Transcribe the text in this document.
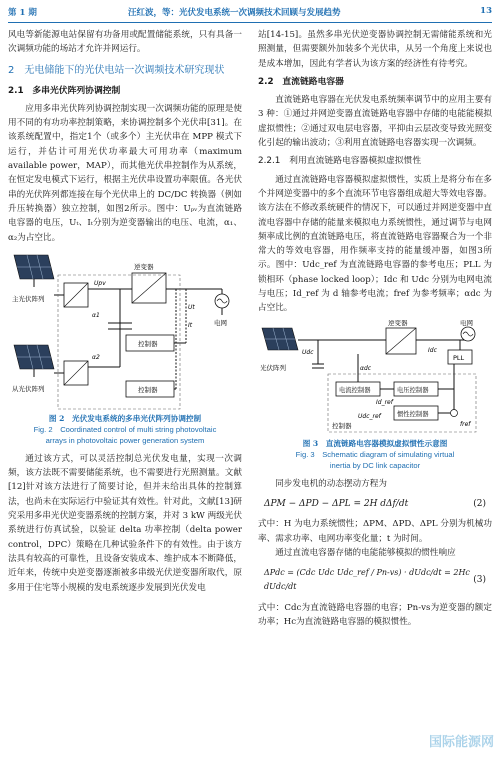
第 1 期	汪红波，等：光伏发电系统一次调频技术回顾与发展趋势	13

风电等新能源电站保留有功备用或配置储能系统，只有具备一次调频功能的场站才允许并网运行。

2　无电储能下的光伏电站一次调频技术研究现状
2.1　多串光伏阵列协调控制

应用多串光伏阵列协调控制实现一次调频功能的原理是使用不同的有功功率控制策略，来协调控制多个光伏串[31]。在该系统配置中，指定1个（或多个）主光伏串在 MPP 模式下运行，并估计可用光伏功率最大可用功率（maximum available power，MAP），而其他光伏串控制作为从系统，在恒定发电模式下运行，根据主光伏串设置功率限值。各光伏串的光伏阵列都连接在每个光伏串上的 DC/DC 转换器（例如升压转换器）独立控制，如图2所示。图中：Uₚᵥ为直流链路电容器的电压，Uₜ、Iₜ分别为逆变器输出的电压、电流，α₁、α₂为占空比。

主光伏阵列
从光伏阵列
Upv
α1
α2
逆变器
控制器
控制器
Ut
It	电网

图 2　光伏发电系统的多串光伏阵列协调控制

Fig. 2　Coordinated control of multi string photovoltaic

arrays in photovoltaic power generation system

通过该方式，可以灵活控制总光伏发电量，实现一次调频，该方法既不需要储能系统，也不需要进行光照测量。文献[12]针对该方法进行了简要讨论，但并未给出具体的控制算法，也尚未在实际运行中验证其有效性。针对此，文献[13]研究采用多串光伏逆变器系统的控制方案，并对 3 kW 两级光伏系统进行仿真试验，以验证 delta 功率控制（delta power control，DPC）策略在几种试验条件下的有效性。由于该方法具有较高的可靠性，且设备安装成本、维护成本不断降低，近年来，传统中央逆变器逐渐被多串级光伏逆变器所取代，原多用于住宅等小规模的发电系统逐步发展到光伏发电

站[14-15]。虽然多串光伏逆变器协调控制无需储能系统和光照测量，但需要额外加装多个光伏串，从另一个角度上来说也是成本增加，因此有学者认为该方案的经济性有待考究。

2.2　直流链路电容器

直流链路电容器在光伏发电系统频率调节中的应用主要有 3 种：①通过并网逆变器直流链路电容器中存储的电能能模拟虚拟惯性；②通过双电层电容器，平抑由云层改变导致光照变化引起的输出波动；③利用直流链路电容器实现一次调频。

2.2.1　利用直流链路电容器模拟虚拟惯性

通过直流链路电容器模拟虚拟惯性，实质上是将分布在多个并网逆变器中的多个直流环节电容器组成超大等效电容器。该方法在不修改系统硬件的情况下，可以通过并网逆变器中直流电容器中存储的能量来模拟电力系统惯性，通过调节与电网频率成比例的直流链路电压，将直流链路电容器聚合为一个非常大的等效电容器，用作频率支持的能量缓冲器，如图3所示。图中：Udc_ref 为直流链路电容器的参考电压；PLL 为锁相环（phase locked loop）；Idc 和 Udc 分别为电网电流与电压；Id_ref 为 d 轴参考电流；fref 为参考频率；αdc 为占空比。

光伏阵列
Udc
逆变器	电网
PLL
Idc
控制器
电流控制器	电压控制器
惯性控制器
αdc
Id_ref
Udc_ref
fref

图 3　直流链路电容器模拟虚拟惯性示意图

Fig. 3　Schematic diagram of simulating virtual

inertia by DC link capacitor

同步发电机的动态摆动方程为

ΔPM − ΔPD − ΔPL = 2H dΔf/dt	(2)

式中：H 为电力系统惯性；ΔPM、ΔPD、ΔPL 分别为机械功率、需求功率、电网功率变化量；t 为时间。

通过直流电容器存储的电能能够模拟的惯性响应

ΔPdc = (Cdc Udc Udc_ref / Pn-vs) · dUdc/dt = 2Hc dUdc/dt
(3)

式中：Cdc为直流链路电容器的电容；Pn-vs为逆变器的额定功率；Hc为直流链路电容器的模拟惯性。

国际能源网
